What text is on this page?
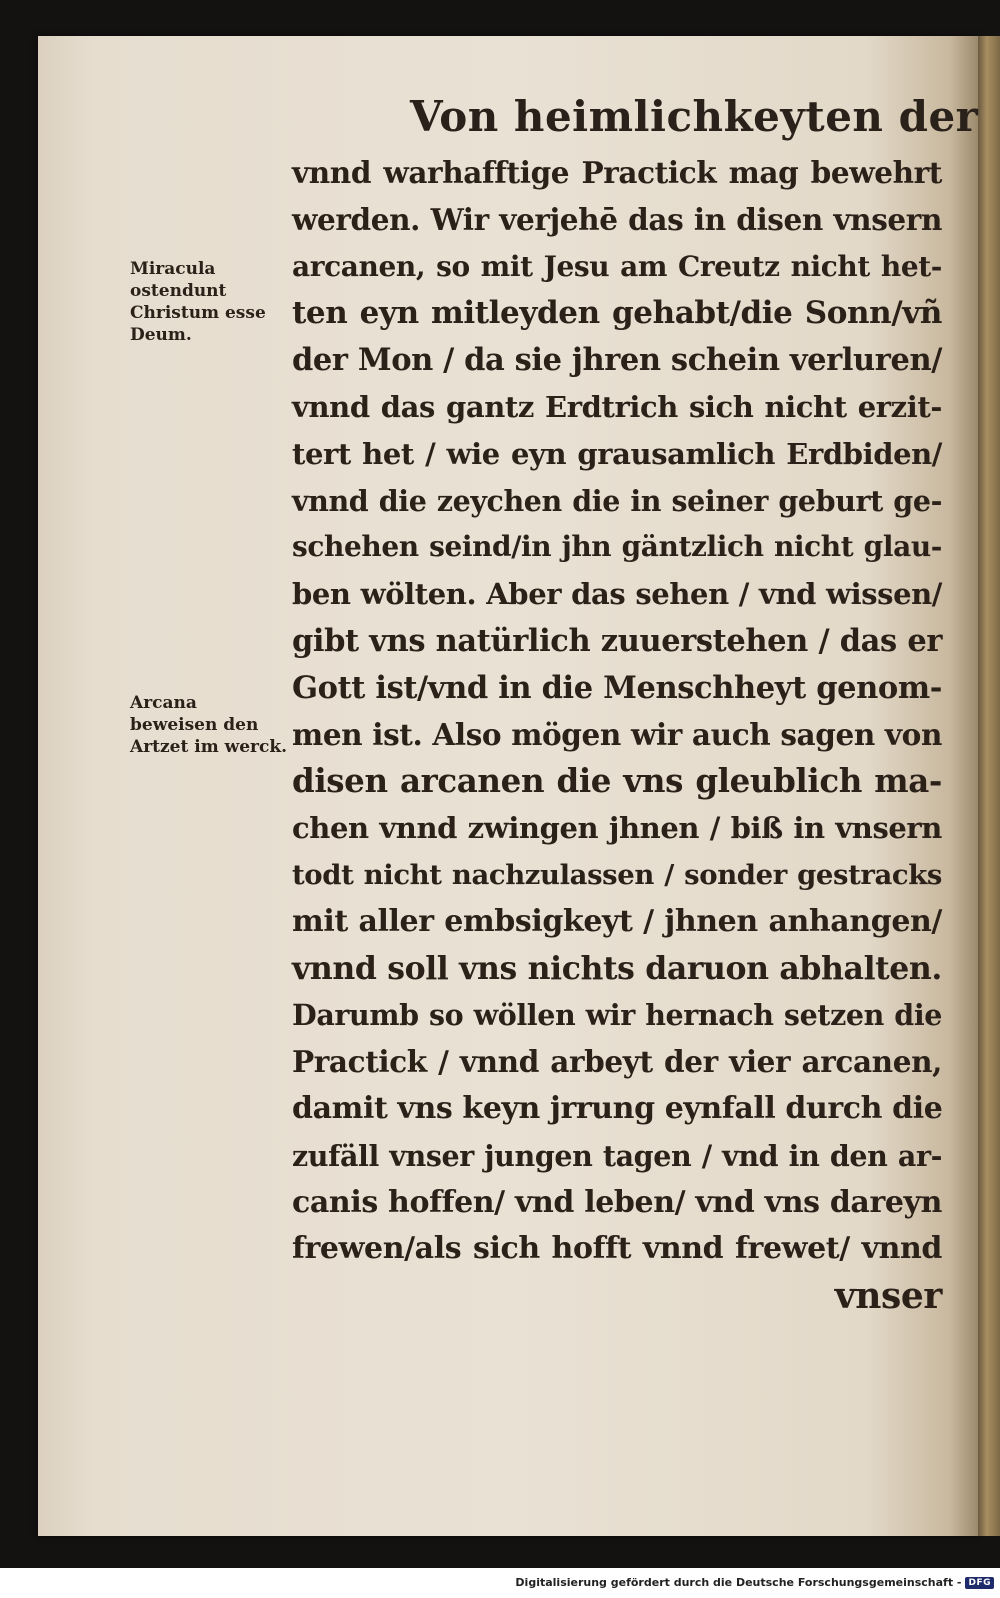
Von heimlichkeyten der
Miracula ostendunt Christum esse Deum.
Arcana beweisen den Artzet im werck.
vnnd warhafftige Practick mag bewehrt
werden. Wir verjehē das in disen vnsern
arcanen, so mit Jesu am Creutz nicht het-
ten eyn mitleyden gehabt/die Sonn/vñ
der Mon / da sie jhren schein verluren/
vnnd das gantz Erdtrich sich nicht erzit-
tert het / wie eyn grausamlich Erdbiden/
vnnd die zeychen die in seiner geburt ge-
schehen seind/in jhn gäntzlich nicht glau-
ben wölten. Aber das sehen / vnd wissen/
gibt vns natürlich zuuerstehen / das er
Gott ist/vnd in die Menschheyt genom-
men ist. Also mögen wir auch sagen von
disen arcanen die vns gleublich ma-
chen vnnd zwingen jhnen / biß in vnsern
todt nicht nachzulassen / sonder gestracks
mit aller embsigkeyt / jhnen anhangen/
vnnd soll vns nichts daruon abhalten.
Darumb so wöllen wir hernach setzen die
Practick / vnnd arbeyt der vier arcanen,
damit vns keyn jrrung eynfall durch die
zufäll vnser jungen tagen / vnd in den ar-
canis hoffen/ vnd leben/ vnd vns dareyn
frewen/als sich hofft vnnd frewet/ vnnd
vnser
Digitalisierung gefördert durch die Deutsche Forschungsgemeinschaft - DFG
